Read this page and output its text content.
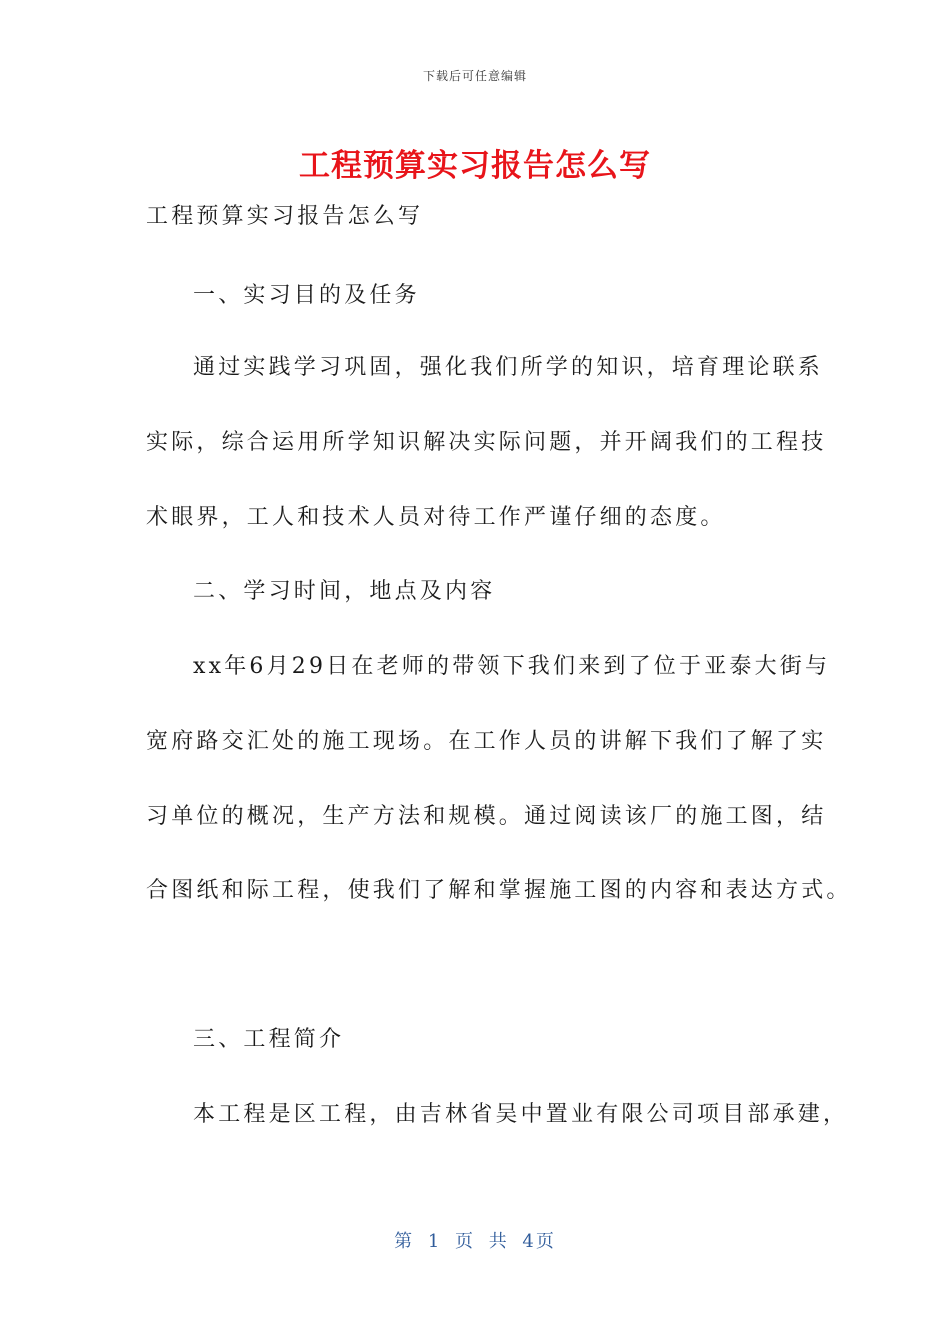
下载后可任意编辑
工程预算实习报告怎么写
工程预算实习报告怎么写
一、实习目的及任务
通过实践学习巩固，强化我们所学的知识，培育理论联系
实际，综合运用所学知识解决实际问题，并开阔我们的工程技
术眼界，工人和技术人员对待工作严谨仔细的态度。
二、学习时间，地点及内容
xx年6月29日在老师的带领下我们来到了位于亚泰大街与
宽府路交汇处的施工现场。在工作人员的讲解下我们了解了实
习单位的概况，生产方法和规模。通过阅读该厂的施工图，结
合图纸和际工程，使我们了解和掌握施工图的内容和表达方式。
三、工程简介
本工程是区工程，由吉林省吴中置业有限公司项目部承建，
第 1 页 共 4页
